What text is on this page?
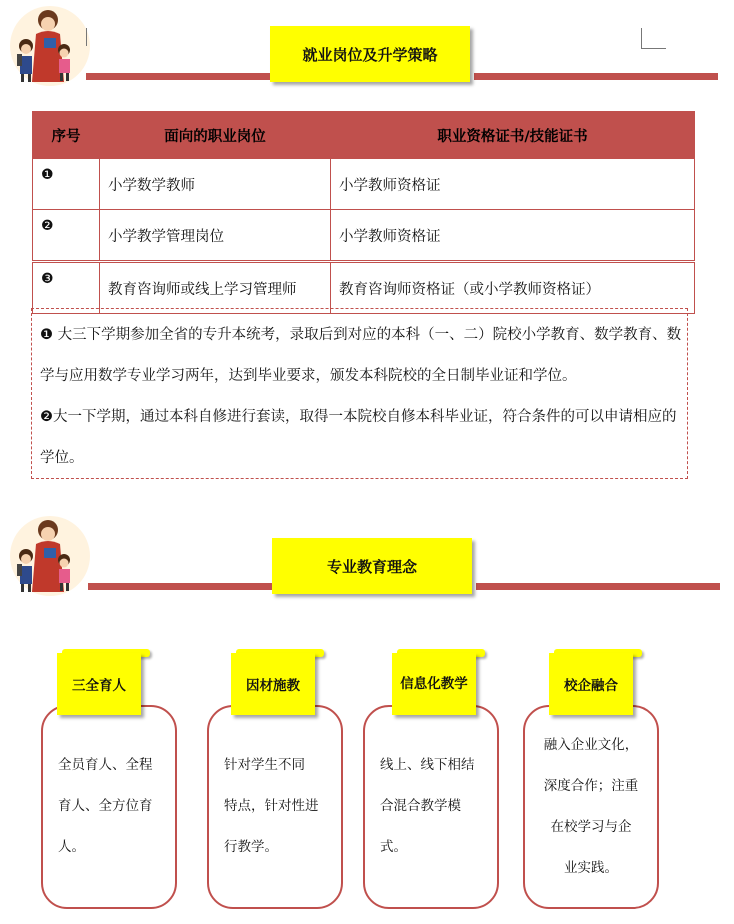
就业岗位及升学策略
序号	面向的职业岗位	职业资格证书/技能证书
❶	小学数学教师	小学教师资格证
❷	小学教学管理岗位	小学教师资格证
❸	教育咨询师或线上学习管理师	教育咨询师资格证（或小学教师资格证）

❶ 大三下学期参加全省的专升本统考，录取后到对应的本科（一、二）院校小学教育、数学教育、数学与应用数学专业学习两年，达到毕业要求，颁发本科院校的全日制毕业证和学位。

❷大一下学期，通过本科自修进行套读，取得一本院校自修本科毕业证，符合条件的可以申请相应的学位。

专业教育理念
三全育人
全员育人、全程
育人、全方位育
人。
因材施教
针对学生不同
特点，针对性进
行教学。
信息化教学
线上、线下相结
合混合教学模
式。
校企融合
融入企业文化，
深度合作；注重
在校学习与企
业实践。
